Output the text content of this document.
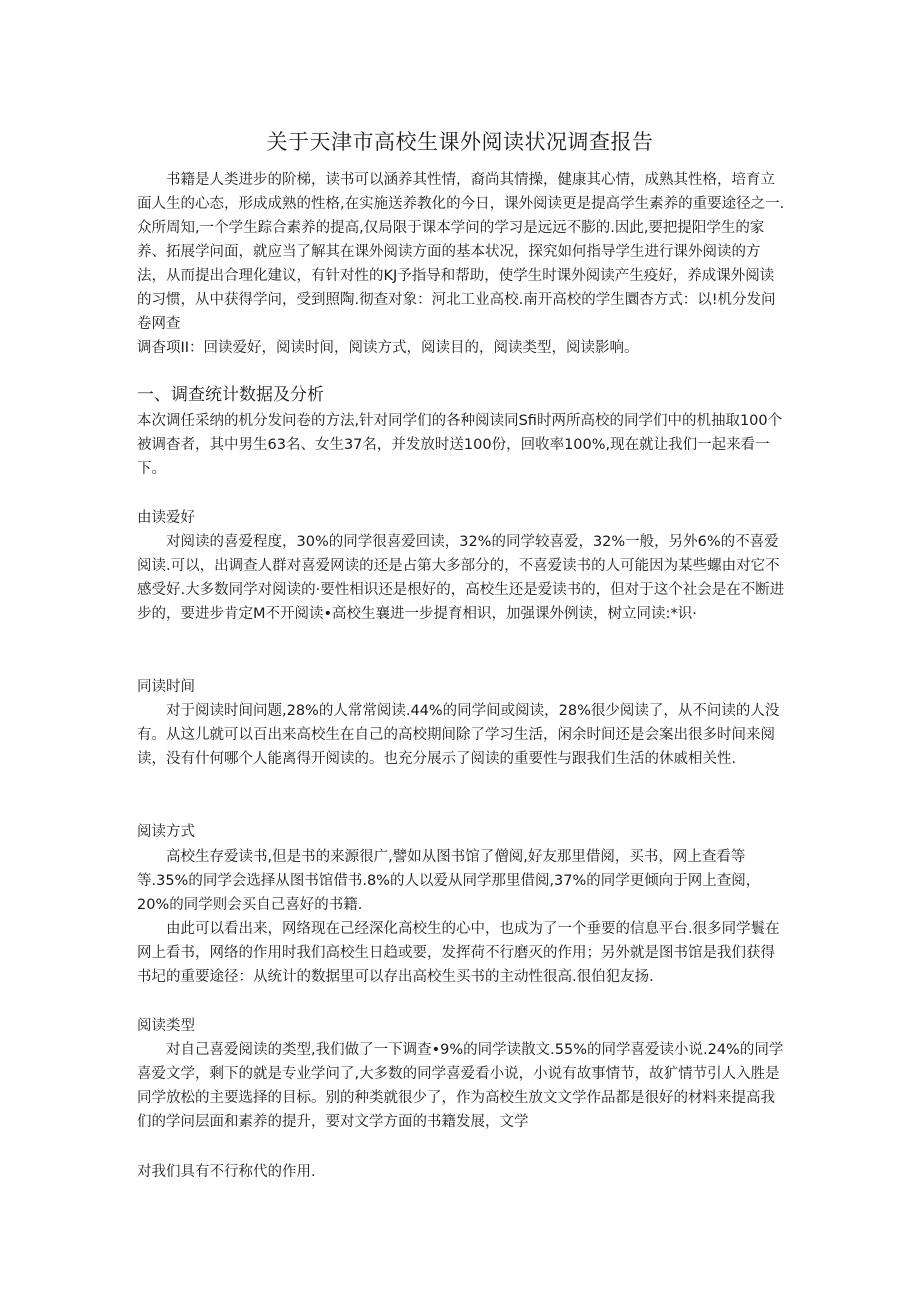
关于天津市高校生课外阅读状况调查报告

书籍是人类进步的阶梯，读书可以涵养其性情，裔尚其情操，健康其心情，成熟其性格，培育立面人生的心态，形成成熟的性格,在实施送养教化的今日，课外阅读更是提高学生素养的重要途径之一.众所周知,一个学生踪合素养的提高,仅局限于课本学问的学习是远远不膨的.因此,要把提阳学生的家养、拓展学问面，就应当了解其在课外阅读方面的基本状况，探究如何指导学生进行课外阅读的方法，从而提出合理化建议，有针对性的KJ予指导和帮助，使学生时课外阅读产生疫好，养成课外阅读的习惯，从中获得学问，受到照陶.彻查对象：河北工业高校.南开高校的学生圜杏方式：以!机分发问卷网查

调杳项II：回读爱好，阅读时间，阅读方式，阅读目的，阅读类型，阅读影响。

一、调查统计数据及分析

本次调任采纳的机分发问卷的方法,针对同学们的各种阅读同Sfi时两所高校的同学们中的机抽取100个被调杳者，其中男生63名、女生37名，并发放时送100份，回收率100%,现在就让我们一起来看一下。

由读爱好

对阅读的喜爱程度，30%的同学很喜爱回读，32%的同学较喜爱，32%一般，另外6%的不喜爱阅读.可以，出调查人群对喜爱网读的还是占第大多部分的，不喜爱读书的人可能因为某些螺由对它不感受好.大多数同学对阅读的·要性相识还是根好的，高校生还是爱读书的，但对于这个社会是在不断进步的，要进步肯定M不开阅读•高校生襄进一步提育相识，加强课外例读，树立同读:*识·

同读时间

对于阅读时间问题,28%的人常常阅读.44%的同学间或阅读，28%很少阅读了，从不问读的人没有。从这儿就可以百出来高校生在自己的高校期间除了学习生活，闲余时间还是会案出很多时间来阅读，没有什何哪个人能离得开阅读的。也充分展示了阅读的重要性与跟我们生活的休戚相关性.

阅读方式

高校生存爱读书,但是书的来源很广,譬如从图书馆了僧阅,好友那里借阅，买书，网上查看等等.35%的同学会选择从图书馆借书.8%的人以爱从同学那里借阅,37%的同学更倾向于网上查阅，20%的同学则会买自己喜好的书籍.

由此可以看出来，网络现在己经深化高校生的心中，也成为了一个垂要的信息平台.很多同学鬟在网上看书，网络的作用时我们高校生日趋或要，发挥荷不行磨灭的作用；另外就是图书馆是我们获得书圮的重要途径：从统计的数据里可以存出高校生买书的主动性很高.很伯犯友扬.

阅读类型

对自己喜爱阅读的类型,我们做了一下调查•9%的同学读散文.55%的同学喜爱读小说.24%的同学喜爱文学，剩下的就是专业学问了,大多数的同学喜爱看小说，小说有故事情节，故犷情节引人入胜是同学放松的主要选择的目标。别的种类就很少了，作为高校生放文文学作品都是很好的材料来提高我们的学问层面和素养的提升，要对文学方面的书籍发展，文学

对我们具有不行称代的作用.
